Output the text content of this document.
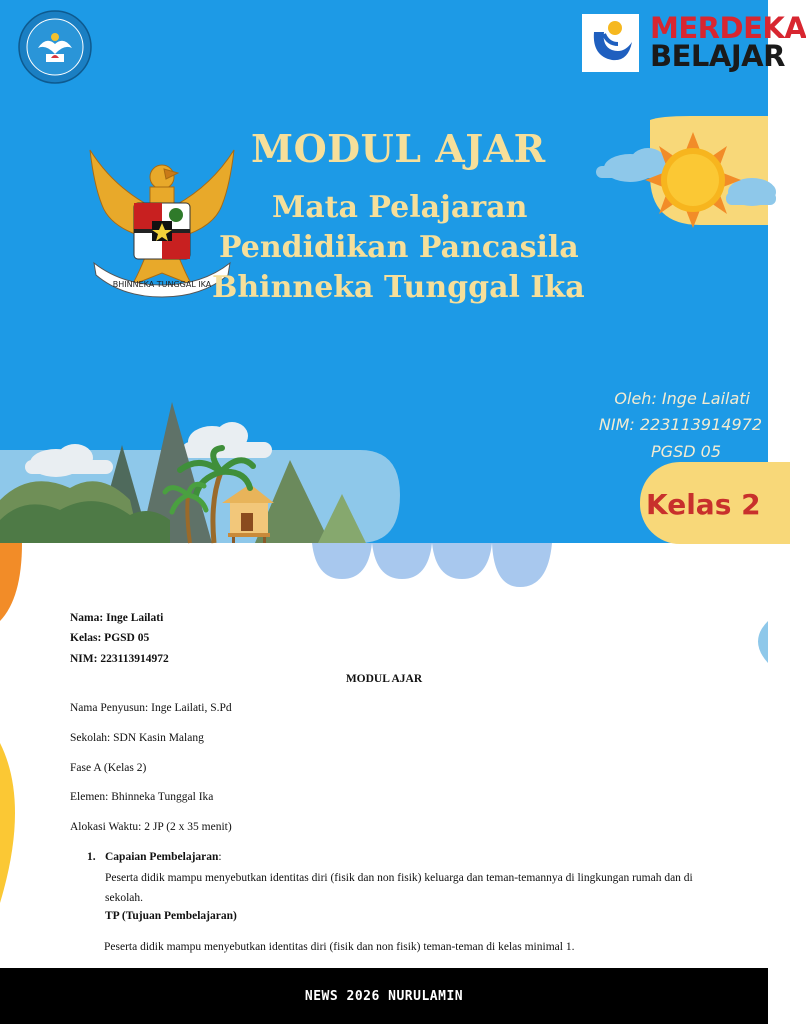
MERDEKA
BELAJAR
BHINNEKA TUNGGAL IKA
MODUL AJAR
Mata Pelajaran
Pendidikan Pancasila
Bhinneka Tunggal Ika
Oleh: Inge Lailati
NIM: 223113914972
PGSD 05
Kelas 2
Nama: Inge Lailati
Kelas: PGSD 05
NIM: 223113914972
MODUL AJAR
Nama Penyusun: Inge Lailati, S.Pd
Sekolah: SDN Kasin Malang
Fase A (Kelas 2)
Elemen: Bhinneka Tunggal Ika
Alokasi Waktu: 2 JP (2 x 35 menit)
1. Capaian Pembelajaran:
Peserta didik mampu menyebutkan identitas diri (fisik dan non fisik) keluarga dan teman-temannya di lingkungan rumah dan di sekolah.
TP (Tujuan Pembelajaran)
Peserta didik mampu menyebutkan identitas diri (fisik dan non fisik) teman-teman di kelas minimal 1.
NEWS 2026 NURULAMIN
